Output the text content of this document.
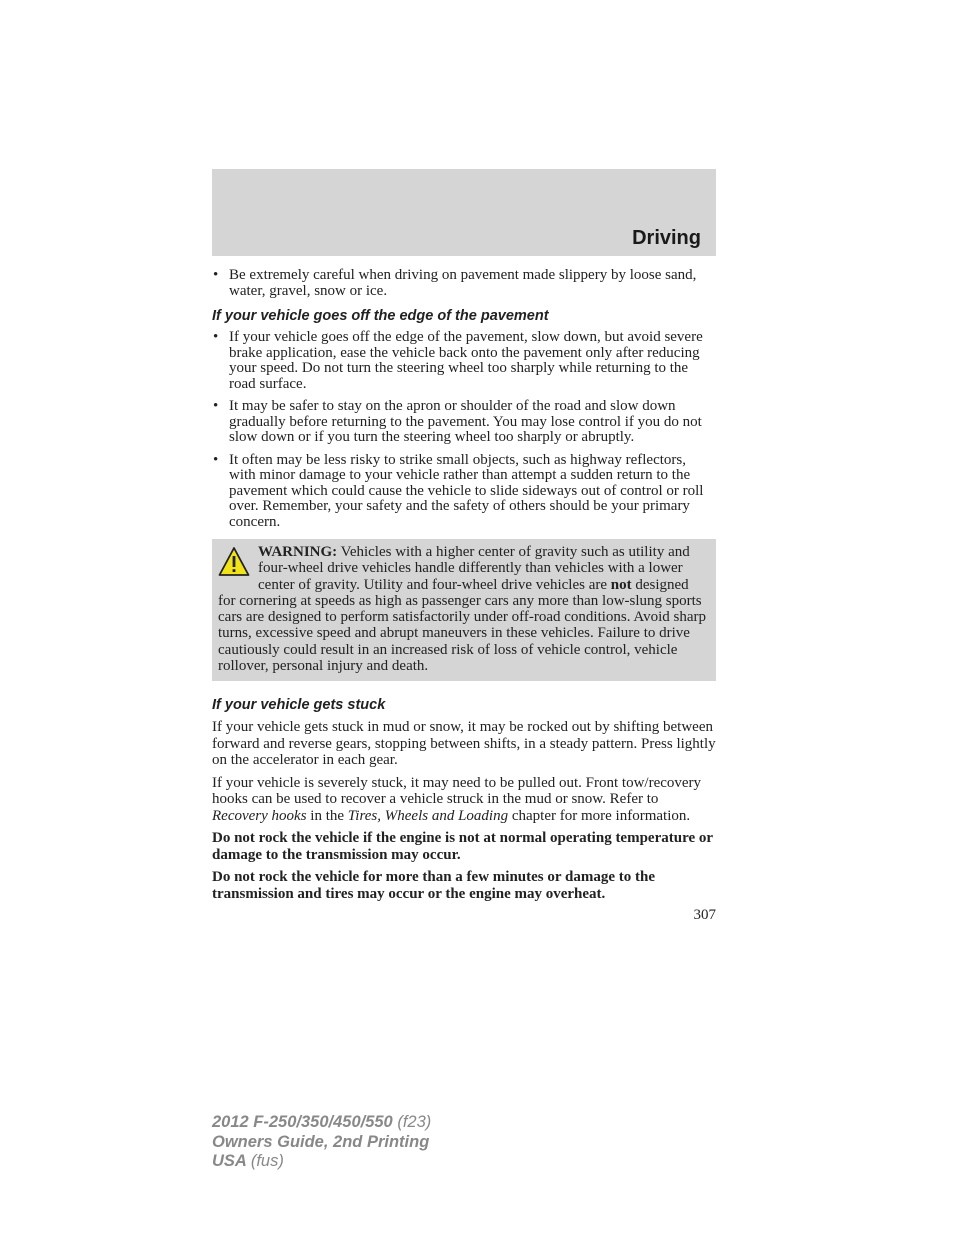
Driving
• Be extremely careful when driving on pavement made slippery by loose sand, water, gravel, snow or ice.
If your vehicle goes off the edge of the pavement
• If your vehicle goes off the edge of the pavement, slow down, but avoid severe brake application, ease the vehicle back onto the pavement only after reducing your speed. Do not turn the steering wheel too sharply while returning to the road surface.
• It may be safer to stay on the apron or shoulder of the road and slow down gradually before returning to the pavement. You may lose control if you do not slow down or if you turn the steering wheel too sharply or abruptly.
• It often may be less risky to strike small objects, such as highway reflectors, with minor damage to your vehicle rather than attempt a sudden return to the pavement which could cause the vehicle to slide sideways out of control or roll over. Remember, your safety and the safety of others should be your primary concern.
WARNING: Vehicles with a higher center of gravity such as utility and four-wheel drive vehicles handle differently than vehicles with a lower center of gravity. Utility and four-wheel drive vehicles are not designed for cornering at speeds as high as passenger cars any more than low-slung sports cars are designed to perform satisfactorily under off-road conditions. Avoid sharp turns, excessive speed and abrupt maneuvers in these vehicles. Failure to drive cautiously could result in an increased risk of loss of vehicle control, vehicle rollover, personal injury and death.
If your vehicle gets stuck

If your vehicle gets stuck in mud or snow, it may be rocked out by shifting between forward and reverse gears, stopping between shifts, in a steady pattern. Press lightly on the accelerator in each gear.

If your vehicle is severely stuck, it may need to be pulled out. Front tow/recovery hooks can be used to recover a vehicle struck in the mud or snow. Refer to Recovery hooks in the Tires, Wheels and Loading chapter for more information.

Do not rock the vehicle if the engine is not at normal operating temperature or damage to the transmission may occur.

Do not rock the vehicle for more than a few minutes or damage to the transmission and tires may occur or the engine may overheat.

307
2012 F-250/350/450/550 (f23)
Owners Guide, 2nd Printing
USA (fus)
